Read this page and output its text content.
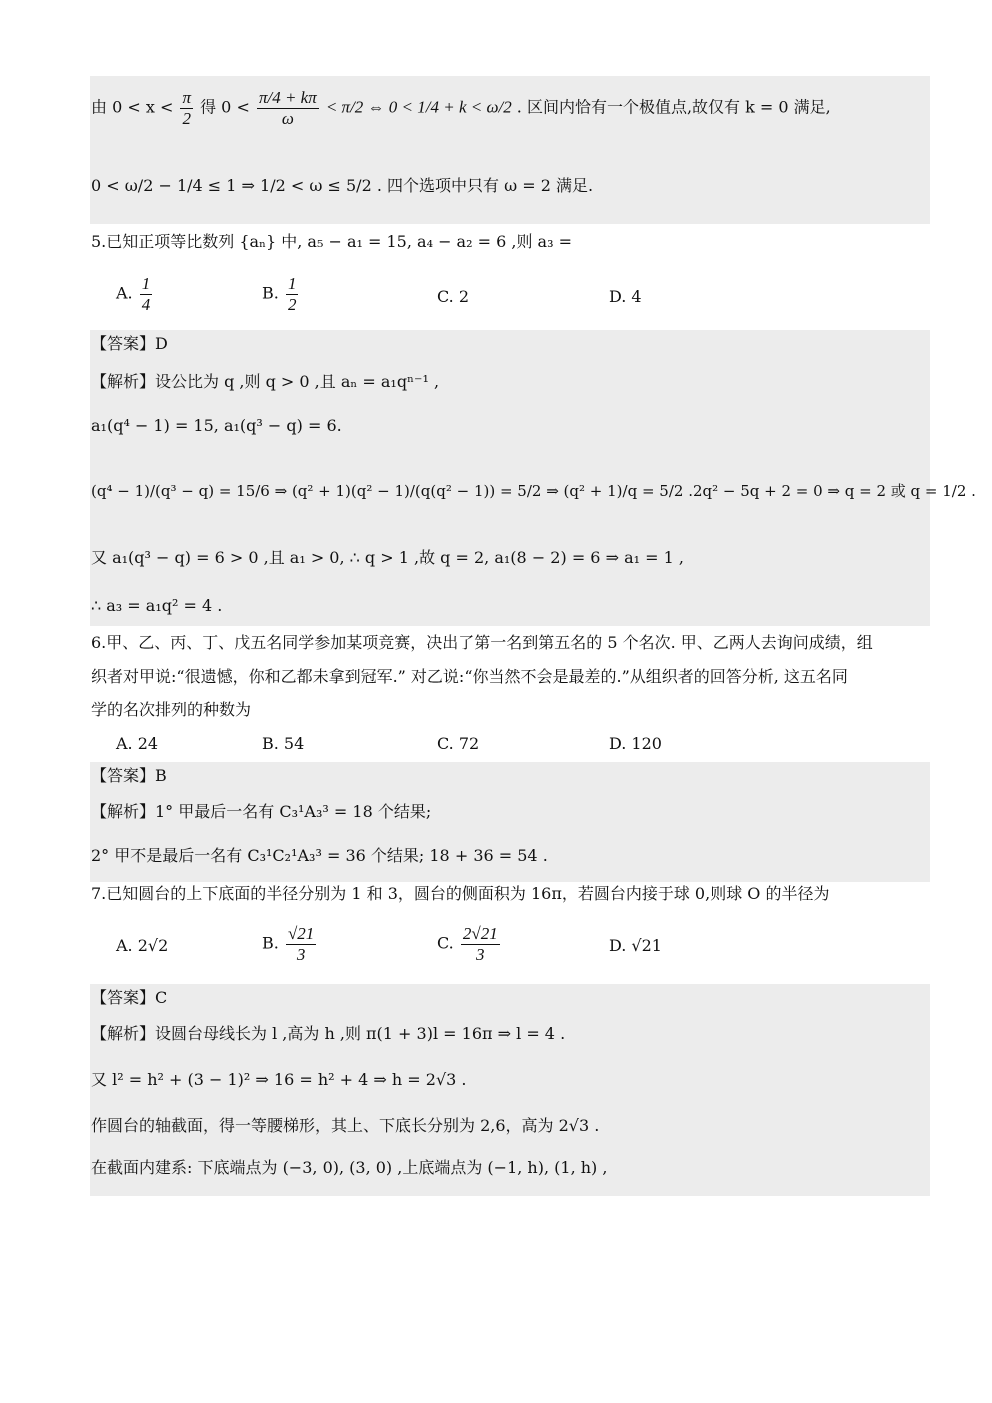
由 $0 < x < \frac{\pi}{2}$ 得 $0 < \frac{\pi/4 + k\pi}{\omega} < \pi/2$ ⇔ 0 < 1/4 + k < ω/2 . 区间内恰有一个极值点,故仅有 k = 0 满足,
0 < ω/2 − 1/4 ≤ 1 ⇒ 1/2 < ω ≤ 5/2 . 四个选项中只有 ω = 2 满足.
5.已知正项等比数列 {aₙ} 中, a₅ − a₁ = 15, a₄ − a₂ = 6 ,则 a₃ =
A. $\frac{1}{4}$	B. $\frac{1}{2}$	C. 2	D. 4
【答案】D
【解析】设公比为 q ,则 q > 0 ,且 aₙ = a₁qⁿ⁻¹ ,
a₁(q⁴ − 1) = 15, a₁(q³ − q) = 6.
(q⁴ − 1)/(q³ − q) = 15/6 ⇒ (q² + 1)(q² − 1)/(q(q² − 1)) = 5/2 ⇒ (q² + 1)/q = 5/2 .2q² − 5q + 2 = 0 ⇒ q = 2 或 q = 1/2 .
又 a₁(q³ − q) = 6 > 0 ,且 a₁ > 0, ∴ q > 1 ,故 q = 2, a₁(8 − 2) = 6 ⇒ a₁ = 1 ,
∴ a₃ = a₁q² = 4 .
6.甲、乙、丙、丁、戊五名同学参加某项竞赛，决出了第一名到第五名的 5 个名次. 甲、乙两人去询问成绩，组
织者对甲说:“很遗憾，你和乙都未拿到冠军.” 对乙说:“你当然不会是最差的.”从组织者的回答分析, 这五名同
学的名次排列的种数为
A. 24	B. 54	C. 72	D. 120
【答案】B
【解析】1° 甲最后一名有 C₃¹A₃³ = 18 个结果;
2° 甲不是最后一名有 C₃¹C₂¹A₃³ = 36 个结果; 18 + 36 = 54 .
7.已知圆台的上下底面的半径分别为 1 和 3，圆台的侧面积为 16π，若圆台内接于球 0,则球 O 的半径为
A. 2√2	B. $\frac{√21}{3}$	C. $\frac{2√21}{3}$	D. √21
【答案】C
【解析】设圆台母线长为 l ,高为 h ,则 π(1 + 3)l = 16π ⇒ l = 4 .
又 l² = h² + (3 − 1)² ⇒ 16 = h² + 4 ⇒ h = 2√3 .
作圆台的轴截面，得一等腰梯形，其上、下底长分别为 2,6，高为 2√3 .
在截面内建系: 下底端点为 (−3, 0), (3, 0) ,上底端点为 (−1, h), (1, h) ,
